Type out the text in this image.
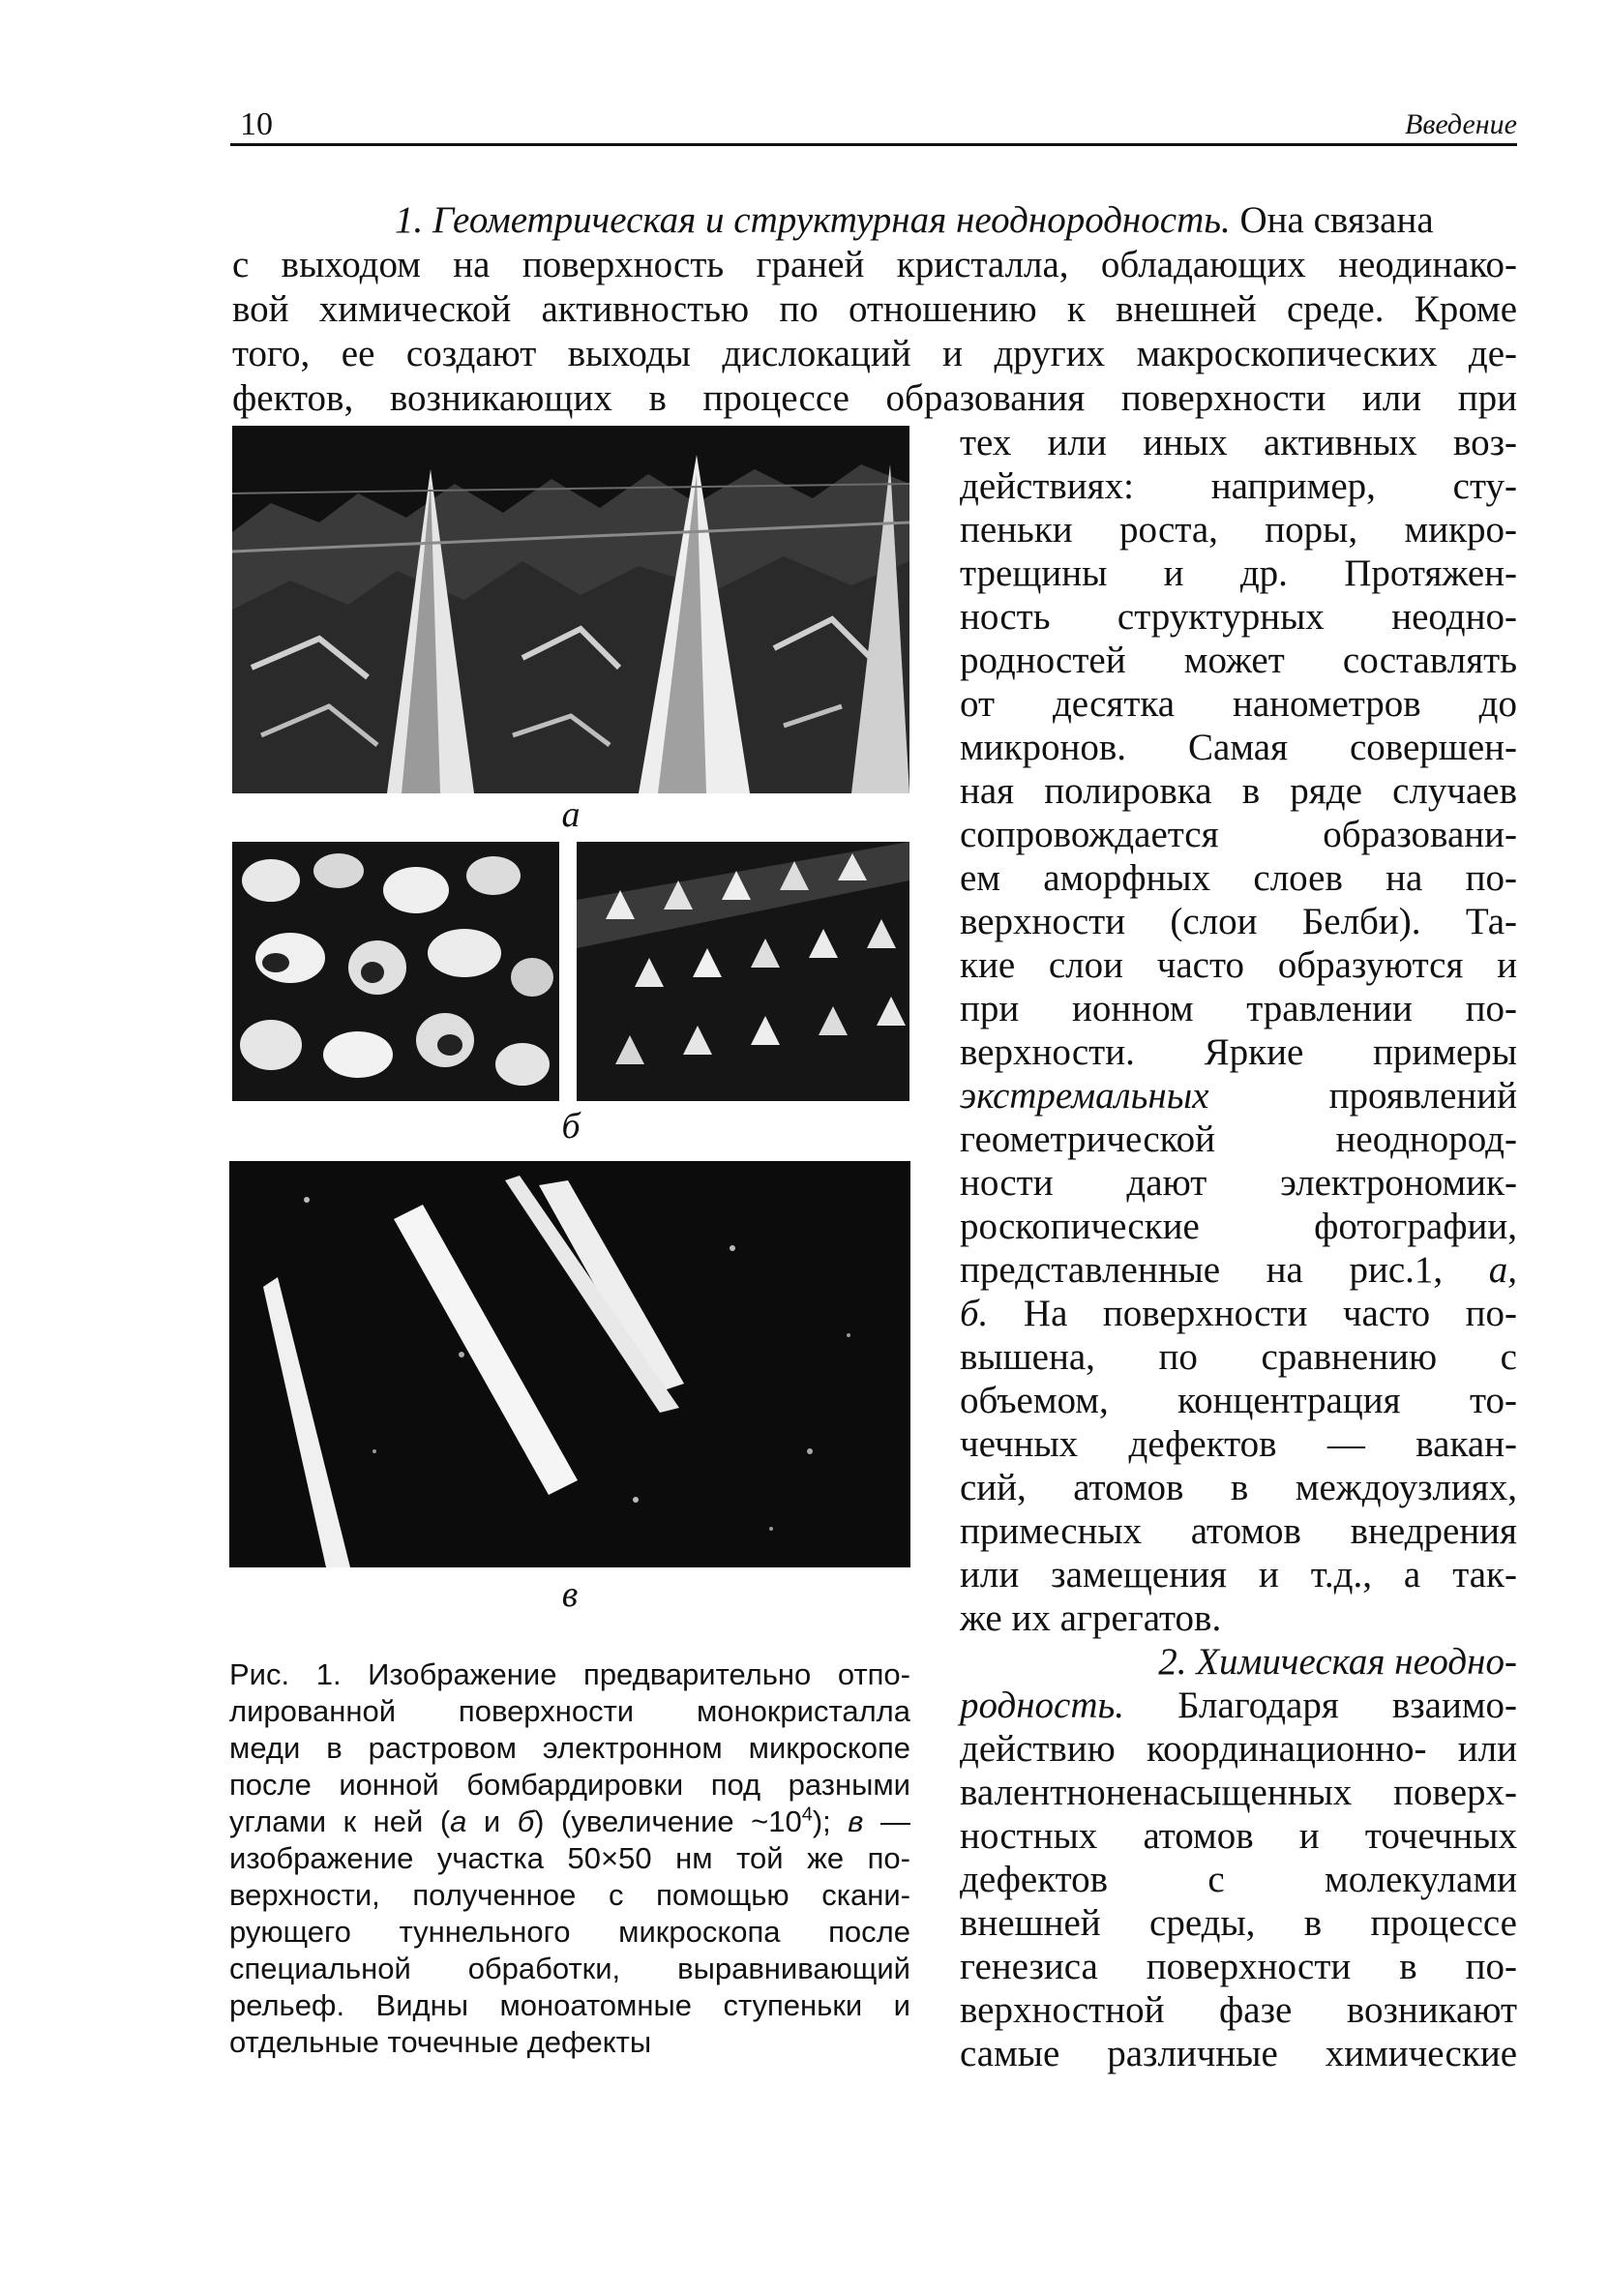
10	Введение
1. Геометрическая и структурная неоднородность. Она связана
с выходом на поверхность граней кристалла, обладающих неодинако-
вой химической активностью по отношению к внешней среде. Кроме
того, ее создают выходы дислокаций и других макроскопических де-
фектов, возникающих в процессе образования поверхности или при
тех или иных активных воз-
действиях: например, сту-
пеньки роста, поры, микро-
трещины и др. Протяжен-
ность структурных неодно-
родностей может составлять
от десятка нанометров до
микронов. Самая совершен-
ная полировка в ряде случаев
сопровождается образовани-
ем аморфных слоев на по-
верхности (слои Белби). Та-
кие слои часто образуются и
при ионном травлении по-
верхности. Яркие примеры
экстремальных	проявлений
геометрической неоднород-
ности дают электрономик-
роскопические фотографии,
представленные на рис.1, а,
б. На поверхности часто по-
вышена, по сравнению с
объемом, концентрация то-
чечных дефектов — вакан-
сий, атомов в междоузлиях,
примесных атомов внедрения
или замещения и т.д., а так-
же их агрегатов.
2. Химическая неодно-
родность. Благодаря взаимо-
действию координационно- или
валентноненасыщенных поверх-
ностных атомов и точечных
дефектов с молекулами
внешней среды, в процессе
генезиса поверхности в по-
верхностной фазе возникают
самые различные химические
а
б
в
Рис. 1. Изображение предварительно отпо-
лированной поверхности монокристалла
меди в растровом электронном микроскопе
после ионной бомбардировки под разными
углами к ней (а и б) (увеличение $\sim 10^4$); в —
изображение участка 50×50 нм той же по-
верхности, полученное с помощью скани-
рующего туннельного микроскопа после
специальной обработки, выравнивающий
рельеф. Видны моноатомные ступеньки и
отдельные точечные дефекты
